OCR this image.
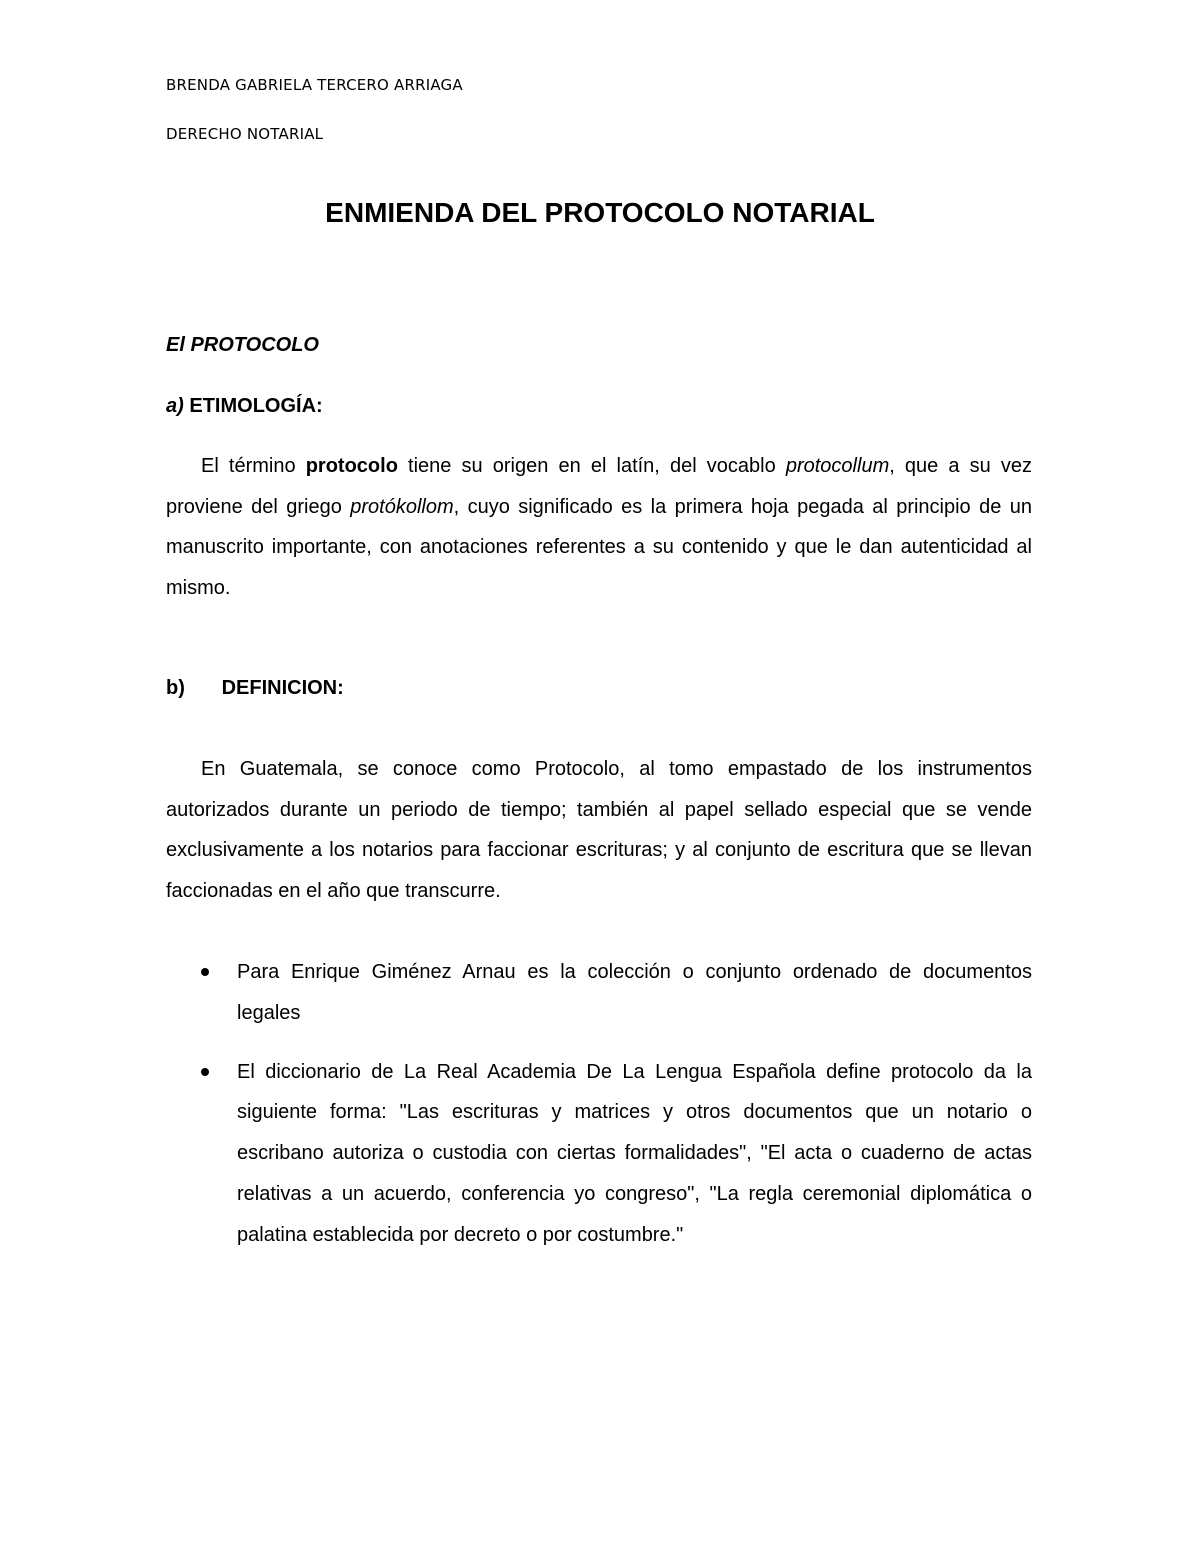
BRENDA GABRIELA TERCERO ARRIAGA
DERECHO NOTARIAL
ENMIENDA DEL PROTOCOLO NOTARIAL
El PROTOCOLO
a) ETIMOLOGÍA:

El término protocolo tiene su origen en el latín, del vocablo protocollum, que a su vez proviene del griego protókollom, cuyo significado es la primera hoja pegada al principio de un manuscrito importante, con anotaciones referentes a su contenido y que le dan autenticidad al mismo.

b) DEFINICION:

En Guatemala, se conoce como Protocolo, al tomo empastado de los instrumentos autorizados durante un periodo de tiempo; también al papel sellado especial que se vende exclusivamente a los notarios para faccionar escrituras; y al conjunto de escritura que se llevan faccionadas en el año que transcurre.

Para Enrique Giménez Arnau es la colección o conjunto ordenado de documentos legales
El diccionario de La Real Academia De La Lengua Española define protocolo da la siguiente forma: "Las escrituras y matrices y otros documentos que un notario o escribano autoriza o custodia con ciertas formalidades", "El acta o cuaderno de actas relativas a un acuerdo, conferencia yo congreso", "La regla ceremonial diplomática o palatina establecida por decreto o por costumbre."
